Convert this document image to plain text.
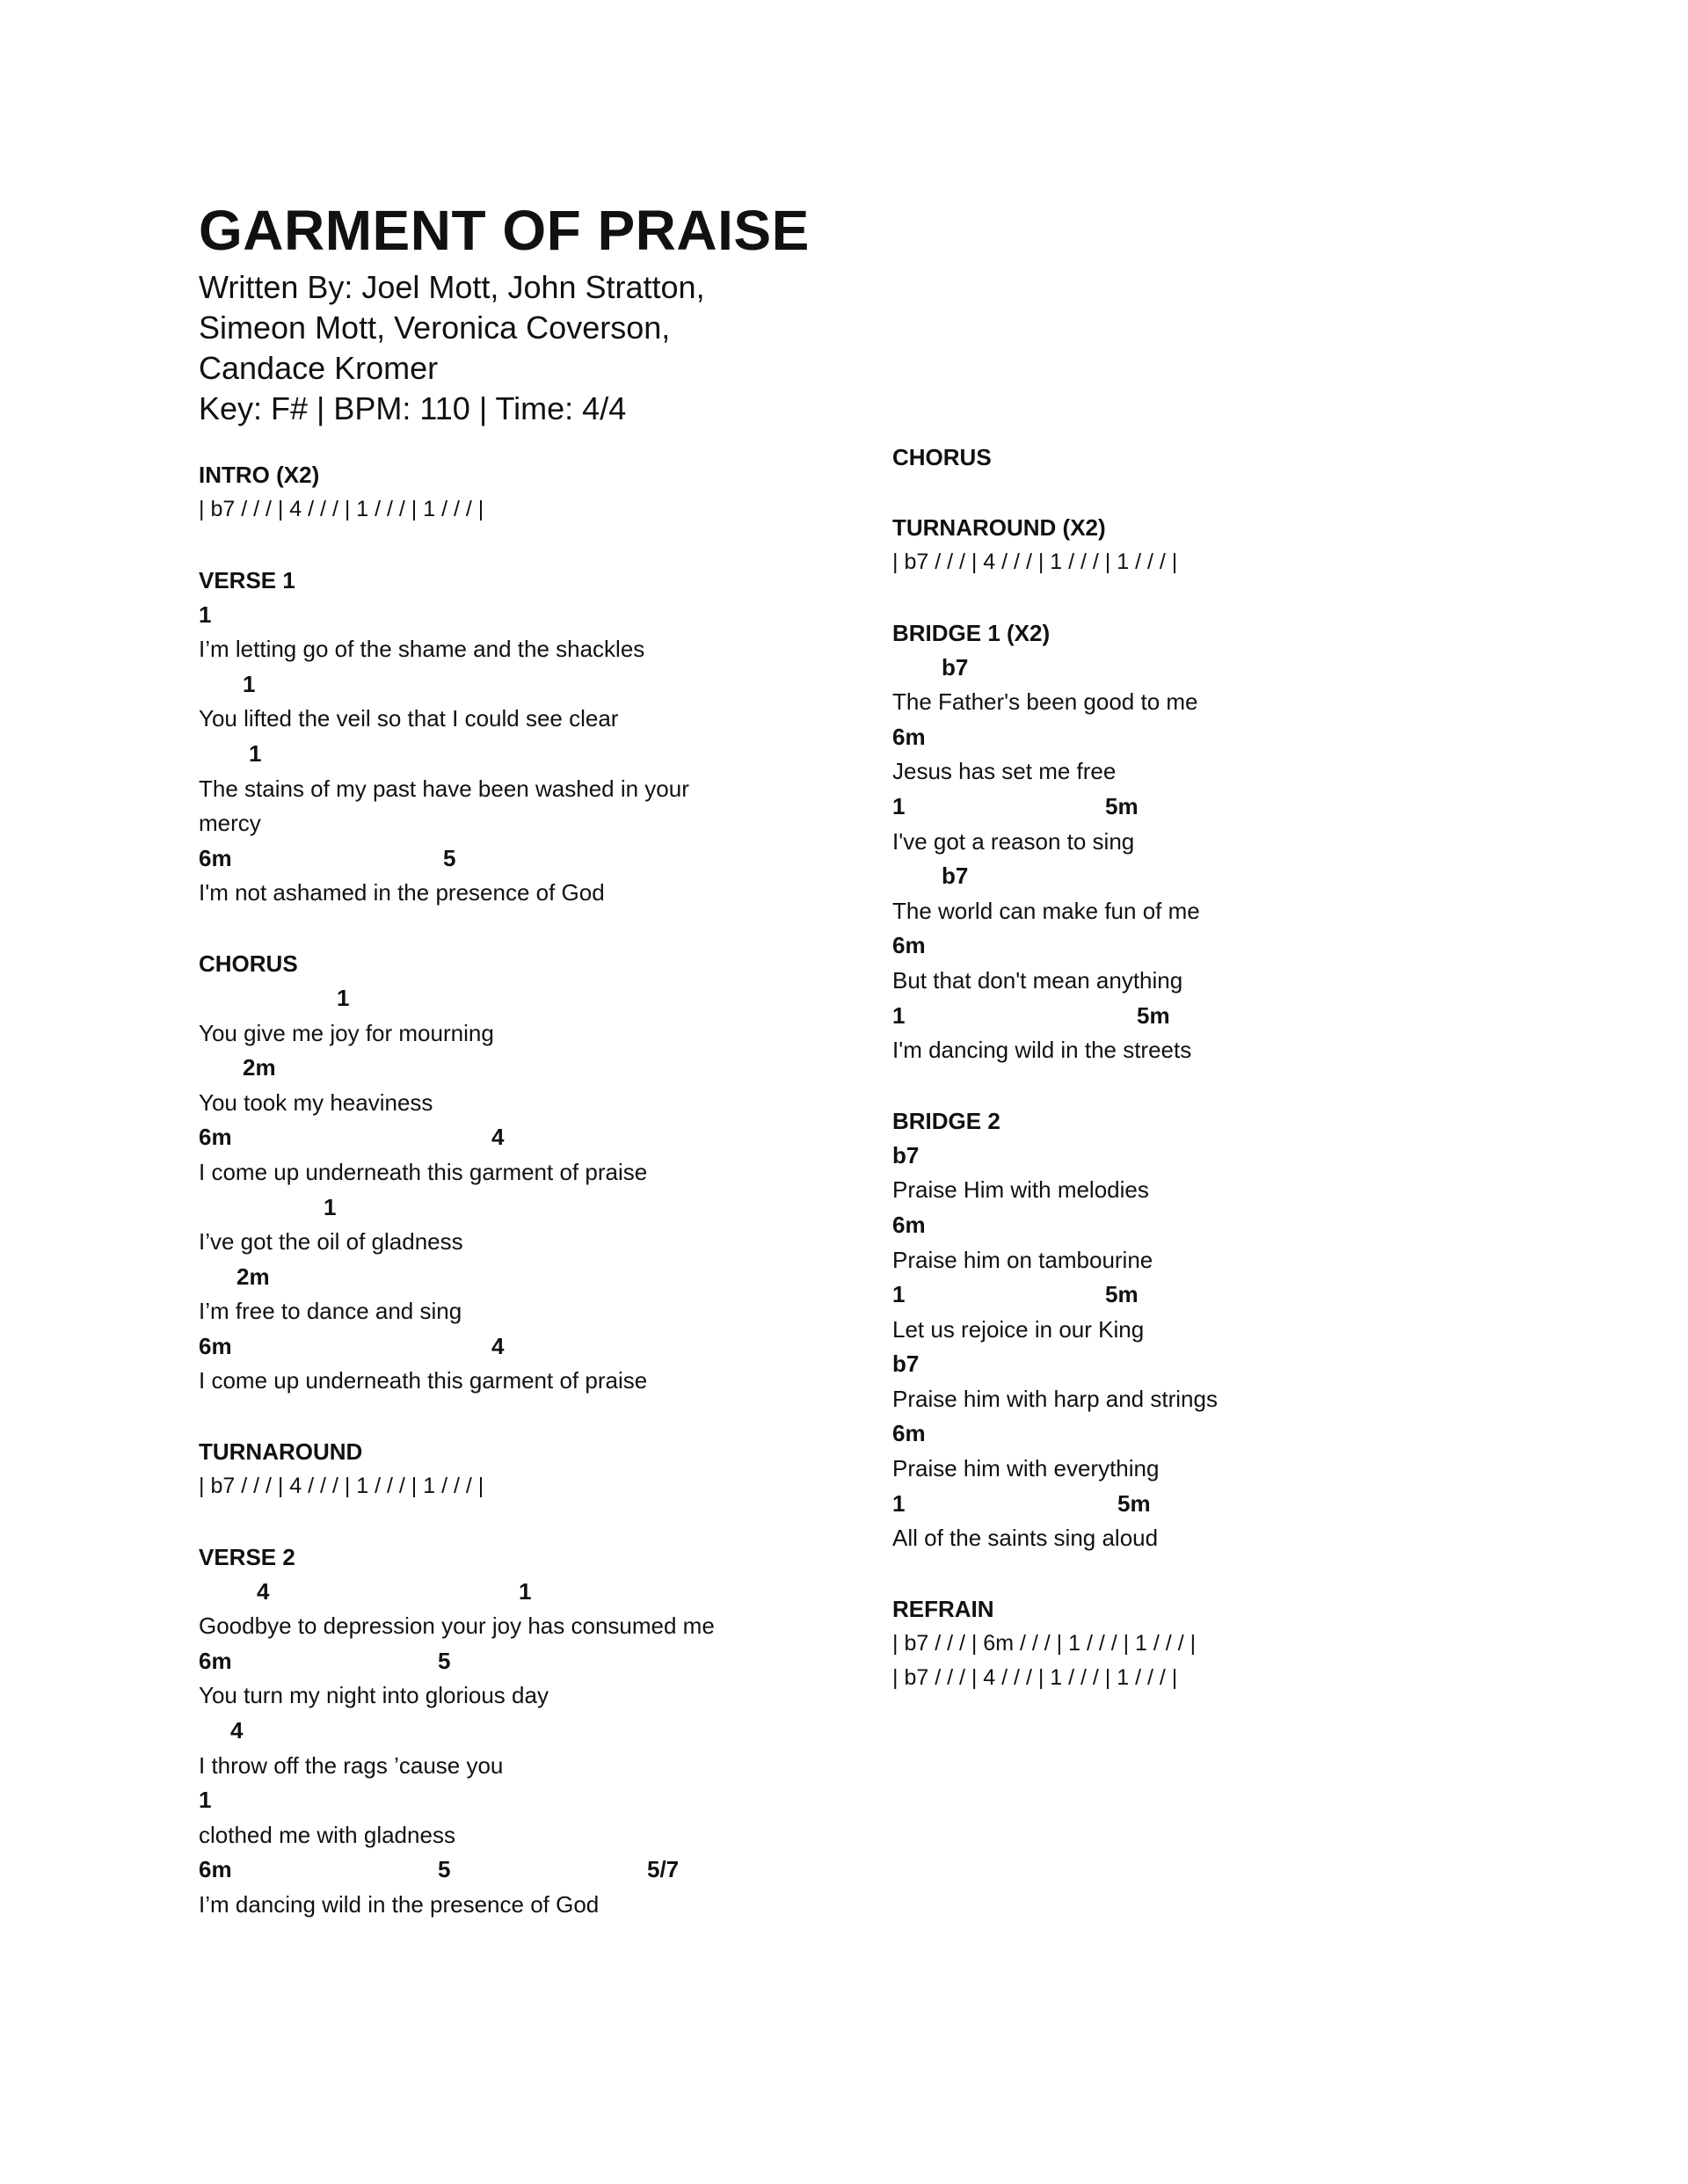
GARMENT OF PRAISE
Written By: Joel Mott, John Stratton,
Simeon Mott, Veronica Coverson,
Candace Kromer
Key: F# | BPM: 110 | Time: 4/4
INTRO (X2)
| b7 / / / | 4 / / / | 1 / / / | 1 / / / |
VERSE 1
1
I’m letting go of the shame and the shackles
1
You lifted the veil so that I could see clear
1
The stains of my past have been washed in your
mercy
6m	5
I'm not ashamed in the presence of God
CHORUS
1
You give me joy for mourning
2m
You took my heaviness
6m	4
I come up underneath this garment of praise
1
I’ve got the oil of gladness
2m
I’m free to dance and sing
6m	4
I come up underneath this garment of praise
TURNAROUND
| b7 / / / | 4 / / / | 1 / / / | 1 / / / |
VERSE 2
4	1
Goodbye to depression your joy has consumed me
6m	5
You turn my night into glorious day
4
I throw off the rags ’cause you
1
clothed me with gladness
6m	5	5/7
I’m dancing wild in the presence of God
CHORUS
TURNAROUND (X2)
| b7 / / / | 4 / / / | 1 / / / | 1 / / / |
BRIDGE 1 (X2)
b7
The Father's been good to me
6m
Jesus has set me free
1	5m
I've got a reason to sing
b7
The world can make fun of me
6m
But that don't mean anything
1	5m
I'm dancing wild in the streets
BRIDGE 2
b7
Praise Him with melodies
6m
Praise him on tambourine
1	5m
Let us rejoice in our King
b7
Praise him with harp and strings
6m
Praise him with everything
1	5m
All of the saints sing aloud
REFRAIN
| b7 / / / | 6m / / / | 1 / / / | 1 / / / |
| b7 / / / | 4 / / / | 1 / / / | 1 / / / |
